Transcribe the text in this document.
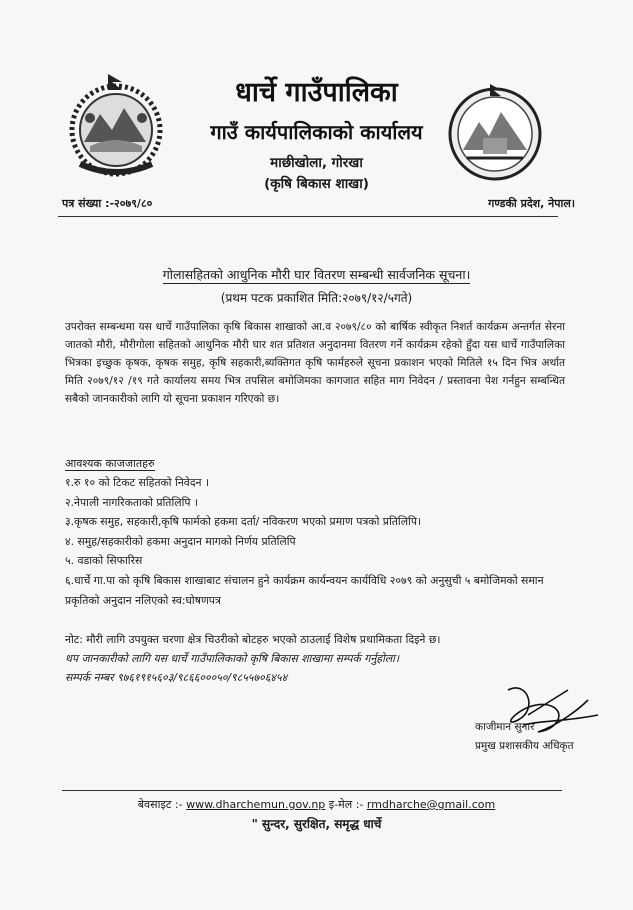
धार्चे गाउँपालिका
गाउँ कार्यपालिकाको कार्यालय
माछीखोला, गोरखा
(कृषि बिकास शाखा)
पत्र संख्या :-२०७९/८०	गण्डकी प्रदेश, नेपाल।
गोलासहितको आधुनिक मौरी घार वितरण सम्बन्धी सार्वजनिक सूचना।
(प्रथम पटक प्रकाशित मिति:२०७९/१२/५गते)
उपरोक्त सम्बन्धमा यस धार्चे गाउँपालिका कृषि बिकास शाखाको आ.व २०७९/८० को बार्षिक स्वीकृत निशर्त कार्यक्रम अन्तर्गत सेरना जातको मौरी, मौरीगोला सहितको आधुनिक मौरी घार शत प्रतिशत अनुदानमा वितरण गर्ने कार्यक्रम रहेको हुँदा यस धार्चे गाउँपालिका भित्रका इच्छुक कृषक, कृषक समुह, कृषि सहकारी,ब्यक्तिगत कृषि फार्महरुले सूचना प्रकाशन भएको मितिले १५ दिन भित्र अर्थात मिति २०७९/१२ /१९ गते कार्यालय समय भित्र तपसिल बमोजिमका कागजात सहित माग निवेदन / प्रस्तावना पेश गर्नहुन सम्बन्धित सबैको जानकारीको लागि यो सूचना प्रकाशन गरिएको छ।
आवश्यक काजजातहरु
१.रु १० को टिकट सहितको निवेदन ।
२.नेपाली नागरिकताको प्रतिलिपि ।
३.कृषक समुह, सहकारी,कृषि फार्मको हकमा दर्ता/ नविकरण भएको प्रमाण पत्रको प्रतिलिपि।
४. समुह/सहकारीको हकमा अनुदान मागको निर्णय प्रतिलिपि
५. वडाको सिफारिस
६.धार्चे गा.पा को कृषि बिकास शाखाबाट संचालन हुने कार्यक्रम कार्यन्वयन कार्यविधि २०७९ को अनुसुची ५ बमोजिमको समान प्रकृतिको अनुदान नलिएको स्व:घोषणपत्र
नोट: मौरी लागि उपयुक्त चरणा क्षेत्र चिउरीको बोटहरु भएको ठाउलाई विशेष प्रथामिकता दिइने छ।
थप जानकारीको लागि यस धार्चे गाउँपालिकाको कृषि बिकास शाखामा सम्पर्क गर्नुहोला।
सम्पर्क नम्बर ९७६१९१५६०३/९८६६०००५०/९८५५७०६४५४
काजीमान सुनार
प्रमुख प्रशासकीय अधिकृत
बेवसाइट :- www.dharchemun.gov.np इ-मेल :- rmdharche@gmail.com
" सुन्दर, सुरक्षित, समृद्ध धार्चे
